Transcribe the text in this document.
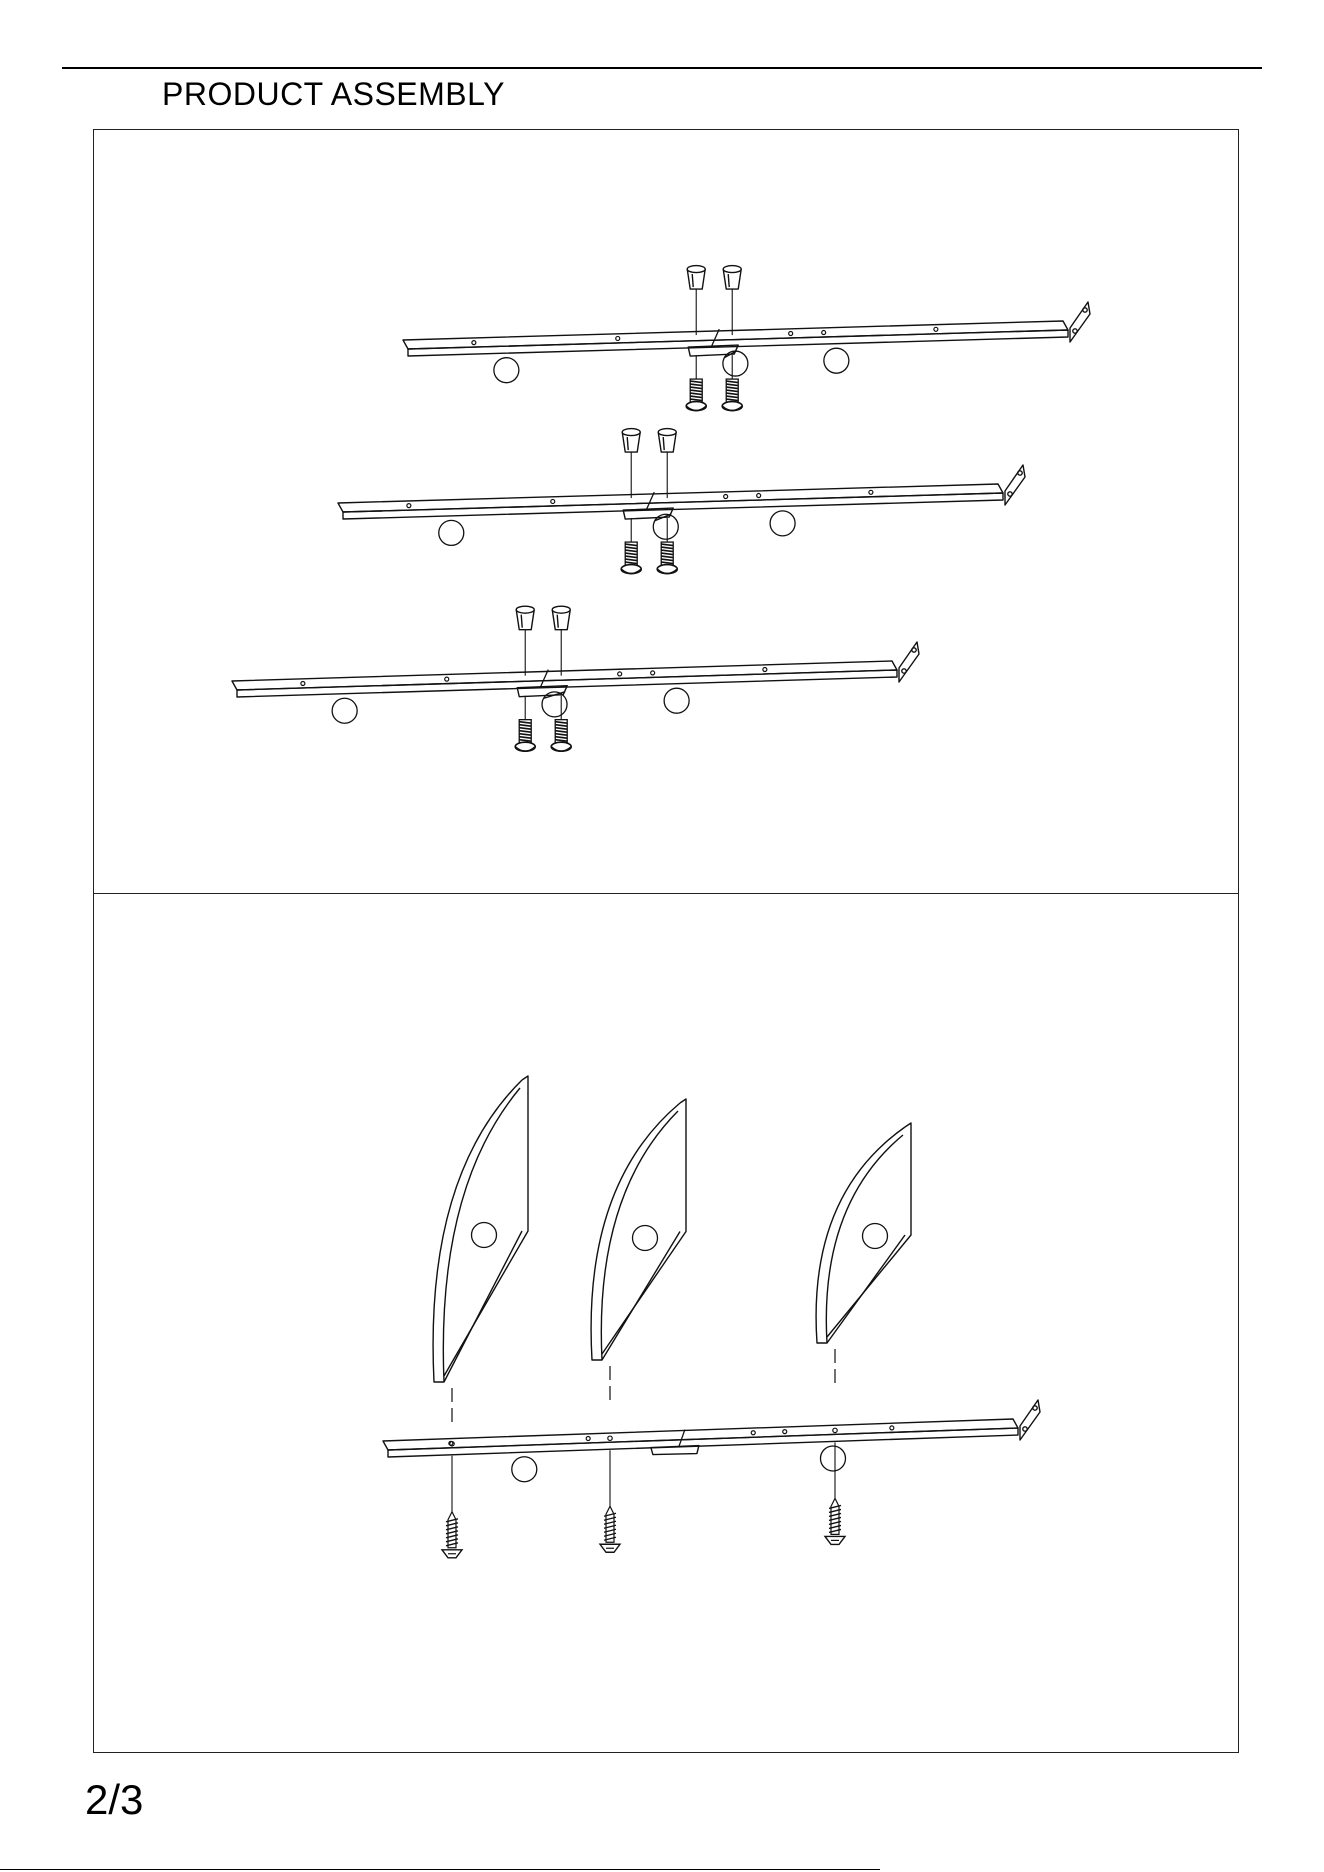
PRODUCT ASSEMBLY
2/3
